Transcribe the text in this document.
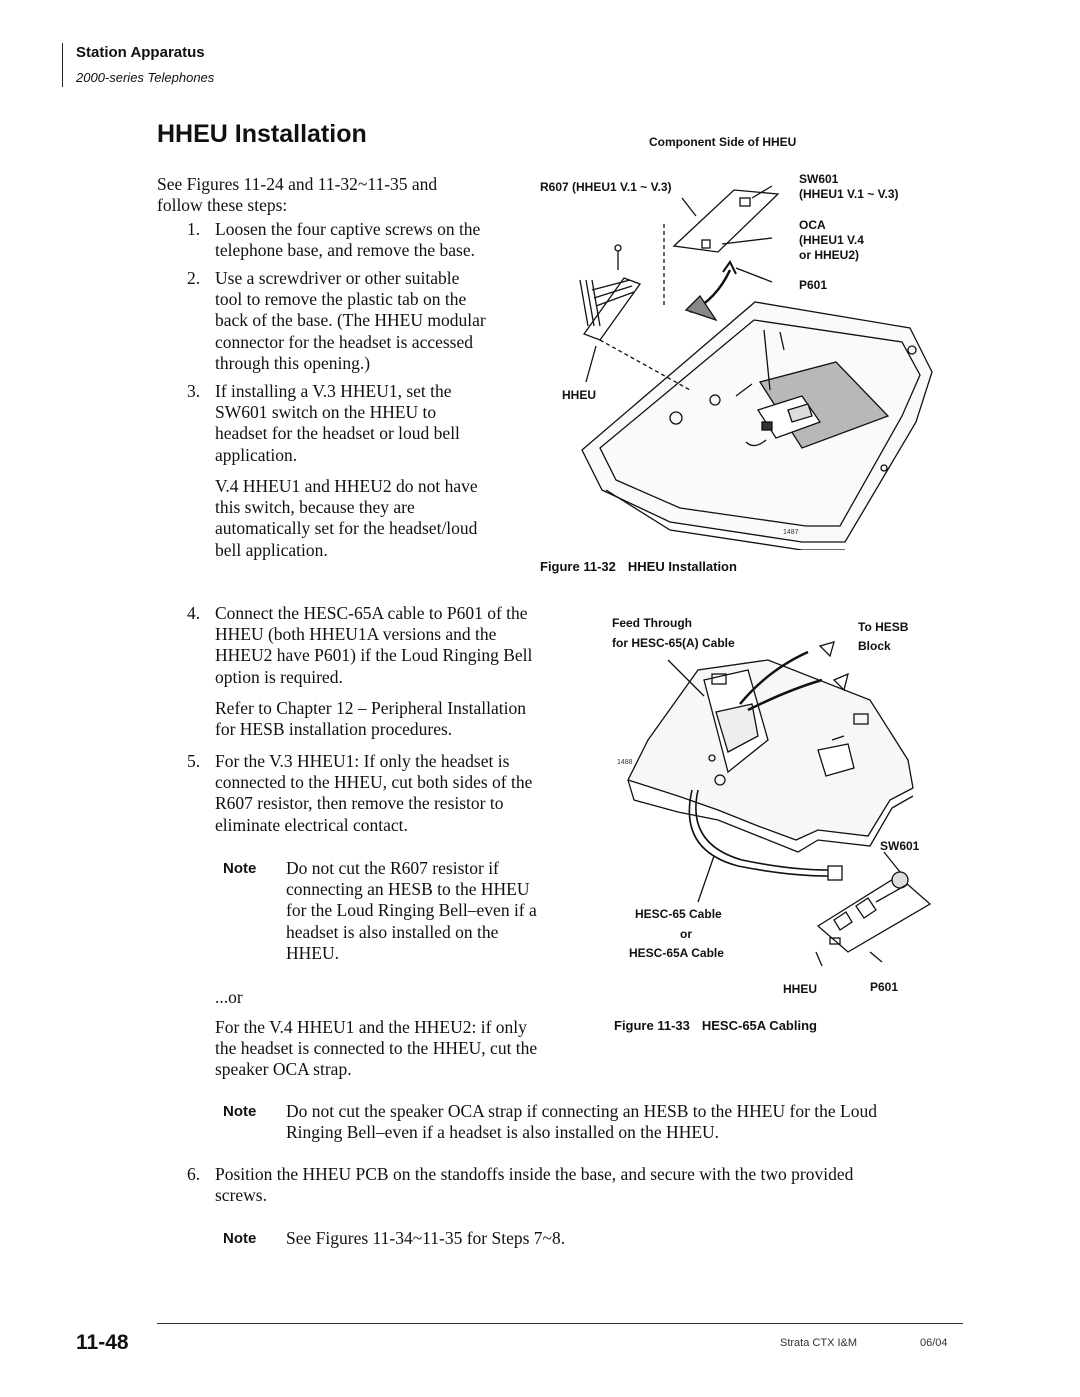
Station Apparatus
2000-series Telephones
HHEU Installation
See Figures 11-24 and 11-32~11-35 and
follow these steps:
1. Loosen the four captive screws on the
telephone base, and remove the base.
2. Use a screwdriver or other suitable
tool to remove the plastic tab on the
back of the base. (The HHEU modular
connector for the headset is accessed
through this opening.)
3. If installing a V.3 HHEU1, set the
SW601 switch on the HHEU to
headset for the headset or loud bell
application.
V.4 HHEU1 and HHEU2 do not have
this switch, because they are
automatically set for the headset/loud
bell application.
4. Connect the HESC-65A cable to P601 of the
HHEU (both HHEU1A versions and the
HHEU2 have P601) if the Loud Ringing Bell
option is required.
Refer to Chapter 12 – Peripheral Installation
for HESB installation procedures.
5. For the V.3 HHEU1: If only the headset is
connected to the HHEU, cut both sides of the
R607 resistor, then remove the resistor to
eliminate electrical contact.
Note Do not cut the R607 resistor if
connecting an HESB to the HHEU
for the Loud Ringing Bell–even if a
headset is also installed on the
HHEU.
...or
For the V.4 HHEU1 and the HHEU2: if only
the headset is connected to the HHEU, cut the
speaker OCA strap.
Note Do not cut the speaker OCA strap if connecting an HESB to the HHEU for the Loud
Ringing Bell–even if a headset is also installed on the HHEU.
6. Position the HHEU PCB on the standoffs inside the base, and secure with the two provided
screws.
Note See Figures 11-34~11-35 for Steps 7~8.
Component Side of HHEU
R607 (HHEU1 V.1 ~ V.3)
SW601
(HHEU1 V.1 ~ V.3)
OCA
(HHEU1 V.4
or HHEU2)
P601
HHEU
1487
Figure 11-32 HHEU Installation
Feed Through
for HESC-65(A) Cable
To HESB
Block
1488
SW601
HESC-65 Cable
or
HESC-65A Cable
HHEU	P601
Figure 11-33 HESC-65A Cabling
11-48	Strata CTX I&M	06/04
